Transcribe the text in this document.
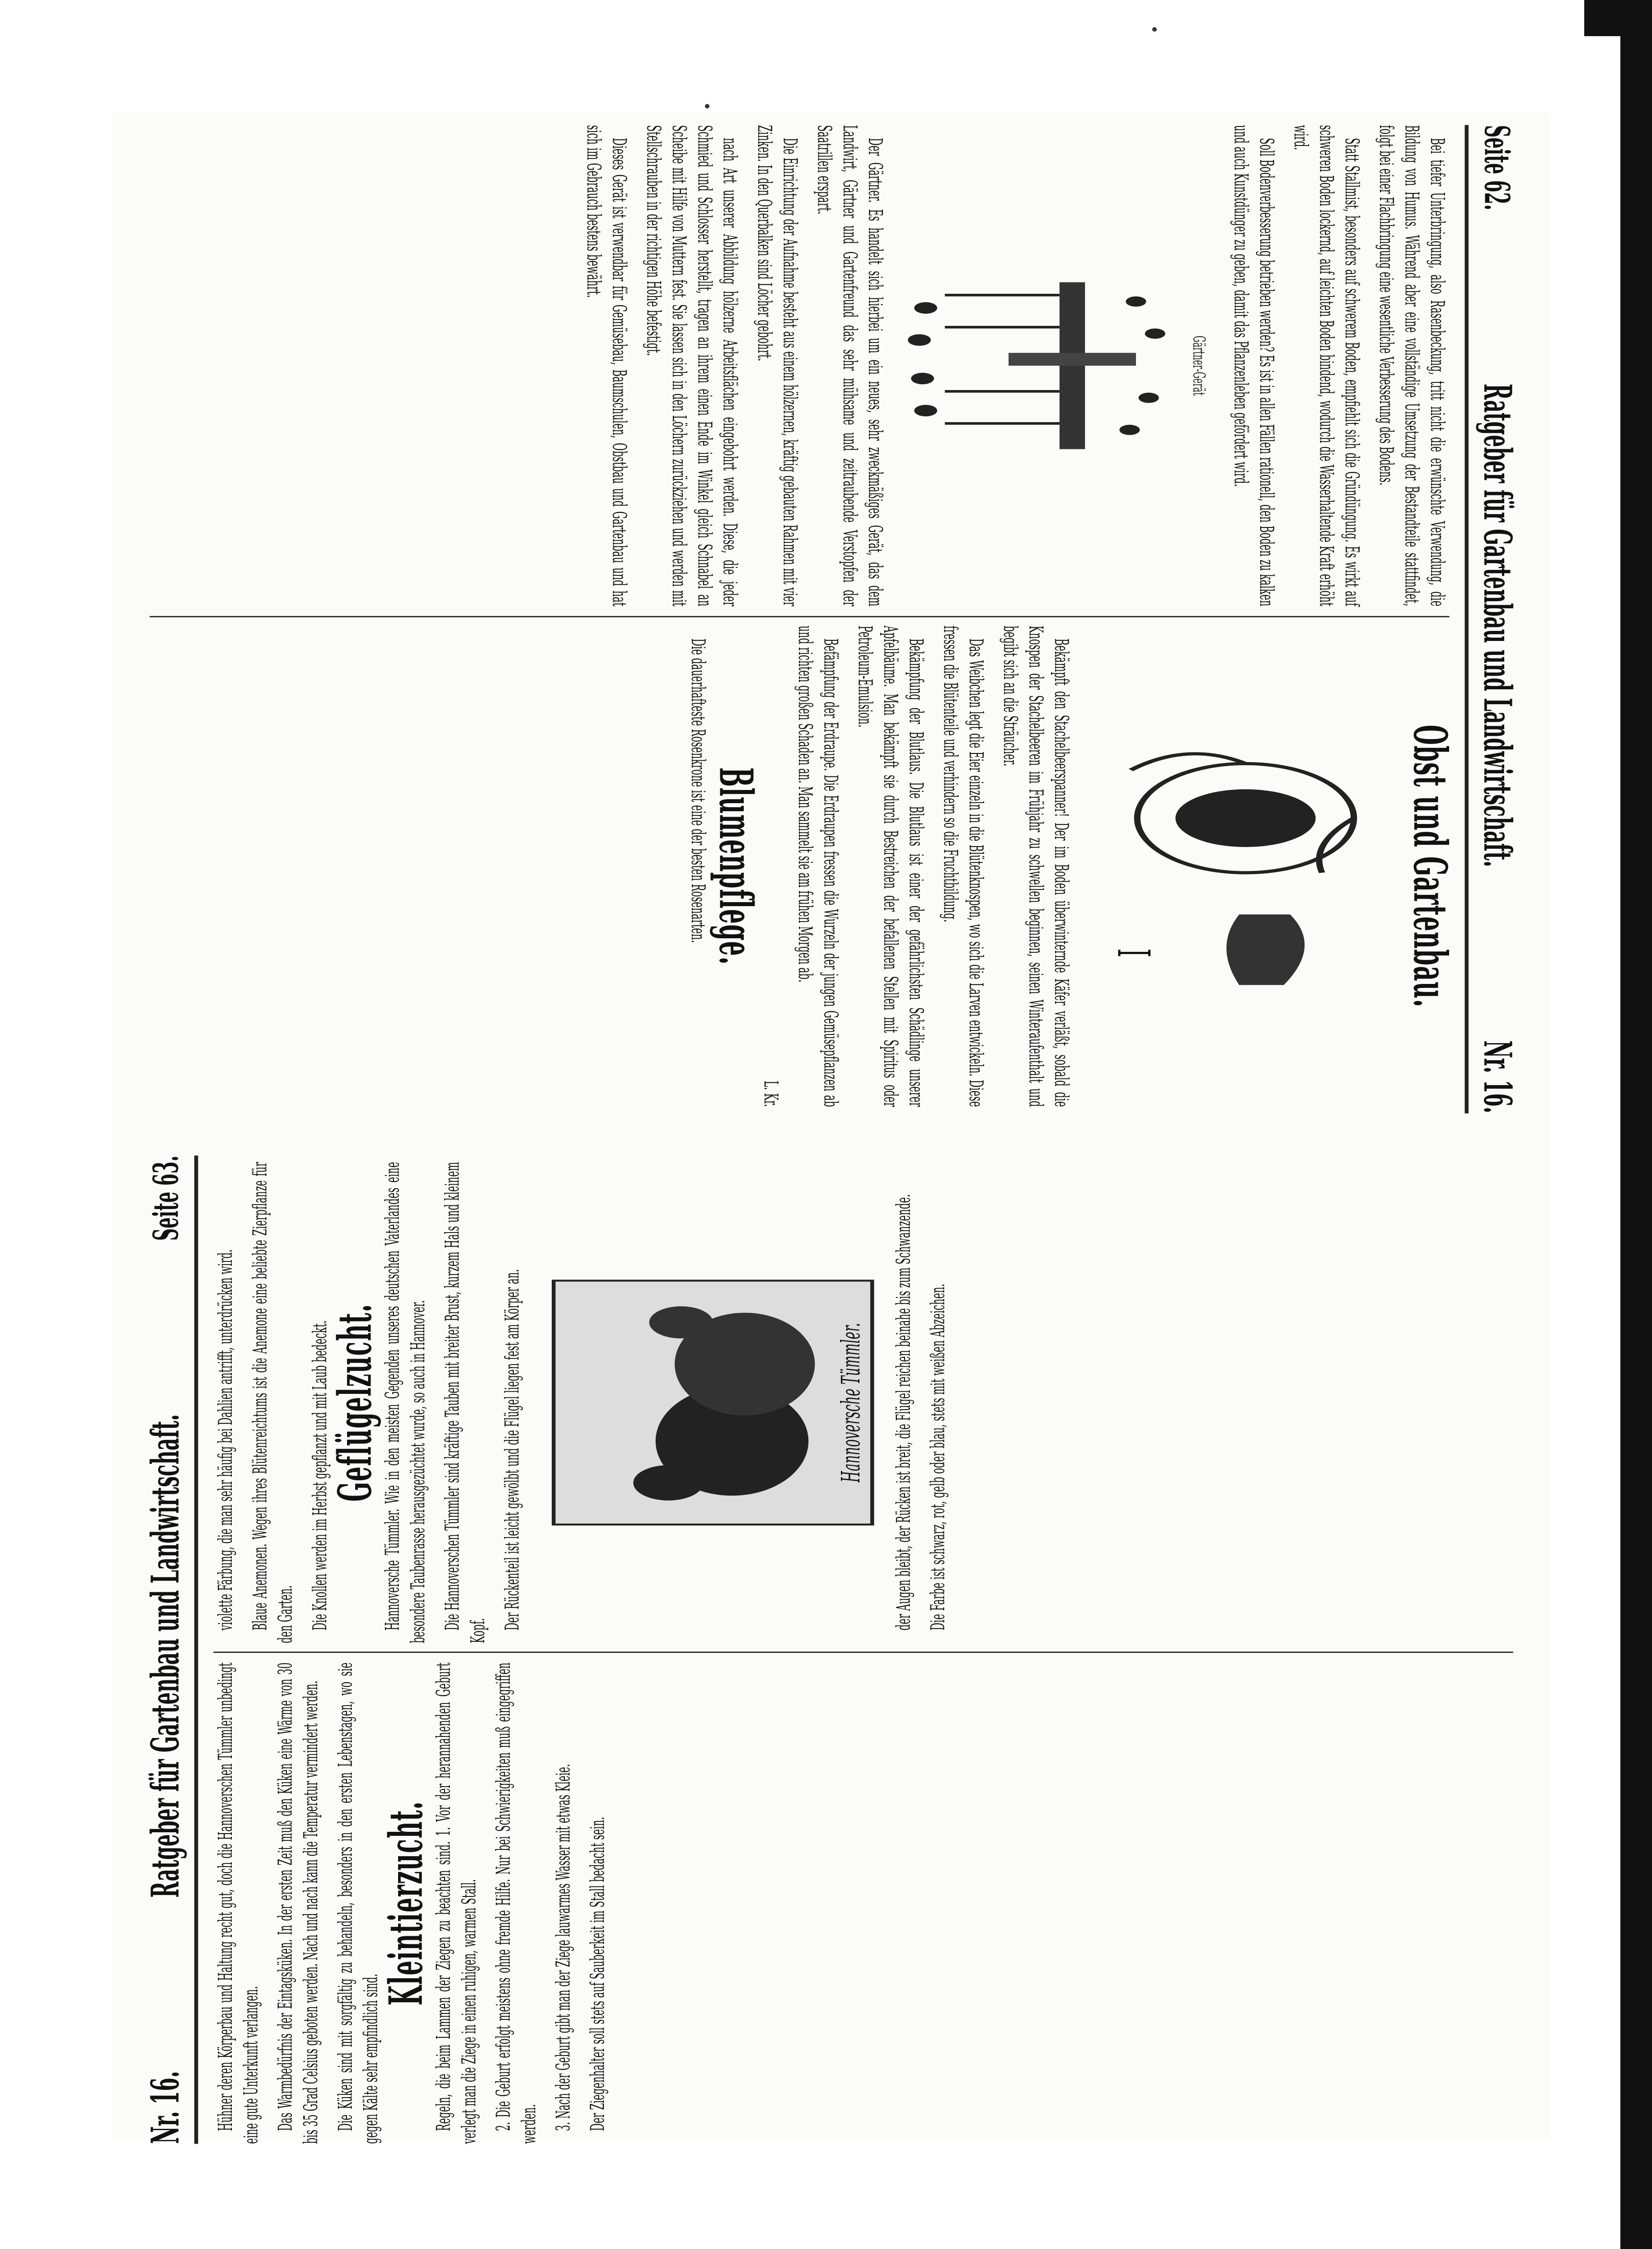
Seite 62.
Ratgeber für Gartenbau und Landwirtschaft.
Nr. 16.

Bei tiefer Unterbringung, also Rasenbeckung, tritt nicht die erwünschte Verwendung, die Bildung von Humus. Während aber eine vollständige Umsetzung der Bestandteile stattfindet, folgt bei einer Flachbringung eine wesentliche Verbesserung des Bodens.

Statt Stallmist, besonders auf schwerem Boden, empfiehlt sich die Gründüngung. Es wirkt auf schweren Boden lockernd, auf leichten Boden bindend, wodurch die Wasserhaltende Kraft erhöht wird.

Soll Bodenverbesserung betrieben werden? Es ist in allen Fällen rationell, den Boden zu kalken und auch Kunstdünger zu geben, damit das Pflanzenleben gefördert wird.

Gärtner-Gerät

Der Gärtner. Es handelt sich hierbei um ein neues, sehr zweckmäßiges Gerät, das dem Landwirt, Gärtner und Gartenfreund das sehr mühsame und zeitraubende Verstopfen der Saatrillen erspart.

Die Einrichtung der Aufnahme besteht aus einem hölzernen, kräftig gebauten Rahmen mit vier Zinken. In den Querbalken sind Löcher gebohrt.

nach Art unserer Abbildung hölzerne Arbeitsflächen eingebohrt werden. Diese, die jeder Schmied und Schlosser herstellt, tragen an ihrem einen Ende im Winkel gleich Schnabel an Scheibe mit Hilfe von Muttern fest. Sie lassen sich in den Löchern zurückziehen und werden mit Stellschrauben in der richtigen Höhe befestigt.

Dieses Gerät ist verwendbar für Gemüsebau, Baumschulen, Obstbau und Gartenbau und hat sich im Gebrauch bestens bewährt.

Obst und Gartenbau.
I

Bekämpft den Stachelbeerspanner! Der im Boden überwinternde Käfer verläßt, sobald die Knospen der Stachelbeeren im Frühjahr zu schwellen beginnen, seinen Winteraufenthalt und begibt sich an die Sträucher.

Das Weibchen legt die Eier einzeln in die Blütenknospen, wo sich die Larven entwickeln. Diese fressen die Blütenteile und verhindern so die Fruchtbildung.

Bekämpfung der Blutlaus. Die Blutlaus ist einer der gefährlichsten Schädlinge unserer Apfelbäume. Man bekämpft sie durch Bestreichen der befallenen Stellen mit Spiritus oder Petroleum-Emulsion.

Befämpfung der Erdraupe. Die Erdraupen fressen die Wurzeln der jungen Gemüsepflanzen ab und richten großen Schaden an. Man sammelt sie am frühen Morgen ab.

L. Kr.

Blumenpflege.

Die dauerhafteste Rosenkrone ist eine der besten Rosenarten.

Nr. 16.
Ratgeber für Gartenbau und Landwirtschaft.
Seite 63.

Hühner deren Körperbau und Haltung recht gut, doch die Hannoverschen Tümmler unbedingt eine gute Unterkunft verlangen. Das Warmbedürfnis der Eintagsküken. In der ersten Zeit muß den Küken eine Wärme von 30 bis 35 Grad Celsius geboten werden. Nach und nach kann die Temperatur vermindert werden. Die Küken sind mit sorgfältig zu behandeln, besonders in den ersten Lebenstagen, wo sie gegen Kälte sehr empfindlich sind.

Kleintierzucht. Regeln, die beim Lammen der Ziegen zu beachten sind. 1. Vor der herannahenden Geburt verlegt man die Ziege in einen ruhigen, warmen Stall. 2. Die Geburt erfolgt meistens ohne fremde Hilfe. Nur bei Schwierigkeiten muß eingegriffen werden. 3. Nach der Geburt gibt man der Ziege lauwarmes Wasser mit etwas Kleie. Der Ziegenhalter soll stets auf Sauberkeit im Stall bedacht sein.

violette Färbung, die man sehr häufig bei Dahlien antrifft, unterdrücken wird. Blaue Anemonen. Wegen ihres Blütenreichtums ist die Anemone eine beliebte Zierpflanze für den Garten. Die Knollen werden im Herbst gepflanzt und mit Laub bedeckt.

Geflügelzucht. Hannoversche Tümmler. Wie in den meisten Gegenden unseres deutschen Vaterlandes eine besondere Taubenrasse herausgezüchtet wurde, so auch in Hannover. Die Hannoverschen Tümmler sind kräftige Tauben mit breiter Brust, kurzem Hals und kleinem Kopf.

Der Rückenteil ist leicht gewölbt und die Flügel liegen fest am Körper an.	Hannoversche Tümmler. der Augen bleibt, der Rücken ist breit, die Flügel reichen beinahe bis zum Schwanzende. Die Farbe ist schwarz, rot, gelb oder blau, stets mit weißen Abzeichen.
